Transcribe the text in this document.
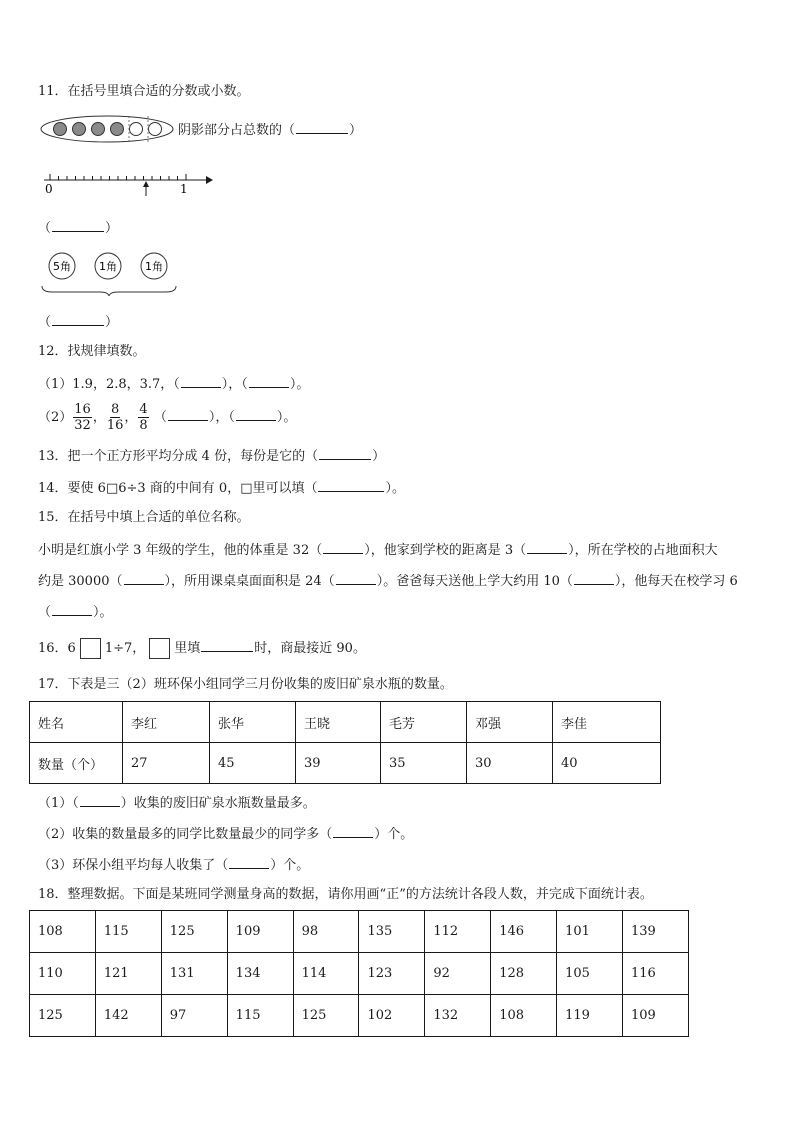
11．在括号里填合适的分数或小数。
阴影部分占总数的（	）
0	1
（	）
5角	1角	1角
（	）
12．找规律填数。
（1）1.9，2.8，3.7，（	），（	）。
$(2) \frac{16}{32}$ ， $\frac{8}{16}$ ， $\frac{4}{8}$ （	），（	）。
13．把一个正方形平均分成 4 份，每份是它的（	）
14．要使 6□6÷3 商的中间有 0，□里可以填（	）。
15．在括号中填上合适的单位名称。
小明是红旗小学 3 年级的学生，他的体重是 32（	），他家到学校的距离是 3（	），所在学校的占地面积大
约是 30000（	），所用课桌桌面面积是 24（	）。爸爸每天送他上学大约用 10（	），他每天在校学习 6
（	）。
16．6 1÷7， 里填	时，商最接近 90。
17．下表是三（2）班环保小组同学三月份收集的废旧矿泉水瓶的数量。
姓名	李红	张华	王晓	毛芳	邓强	李佳
数量（个）	27	45	39	35	30	40
（1）（	）收集的废旧矿泉水瓶数量最多。
（2）收集的数量最多的同学比数量最少的同学多（	）个。
（3）环保小组平均每人收集了（	）个。
18．整理数据。下面是某班同学测量身高的数据，请你用画“正”的方法统计各段人数，并完成下面统计表。
108	115	125	109	98	135	112	146	101	139
110	121	131	134	114	123	92	128	105	116
125	142	97	115	125	102	132	108	119	109
